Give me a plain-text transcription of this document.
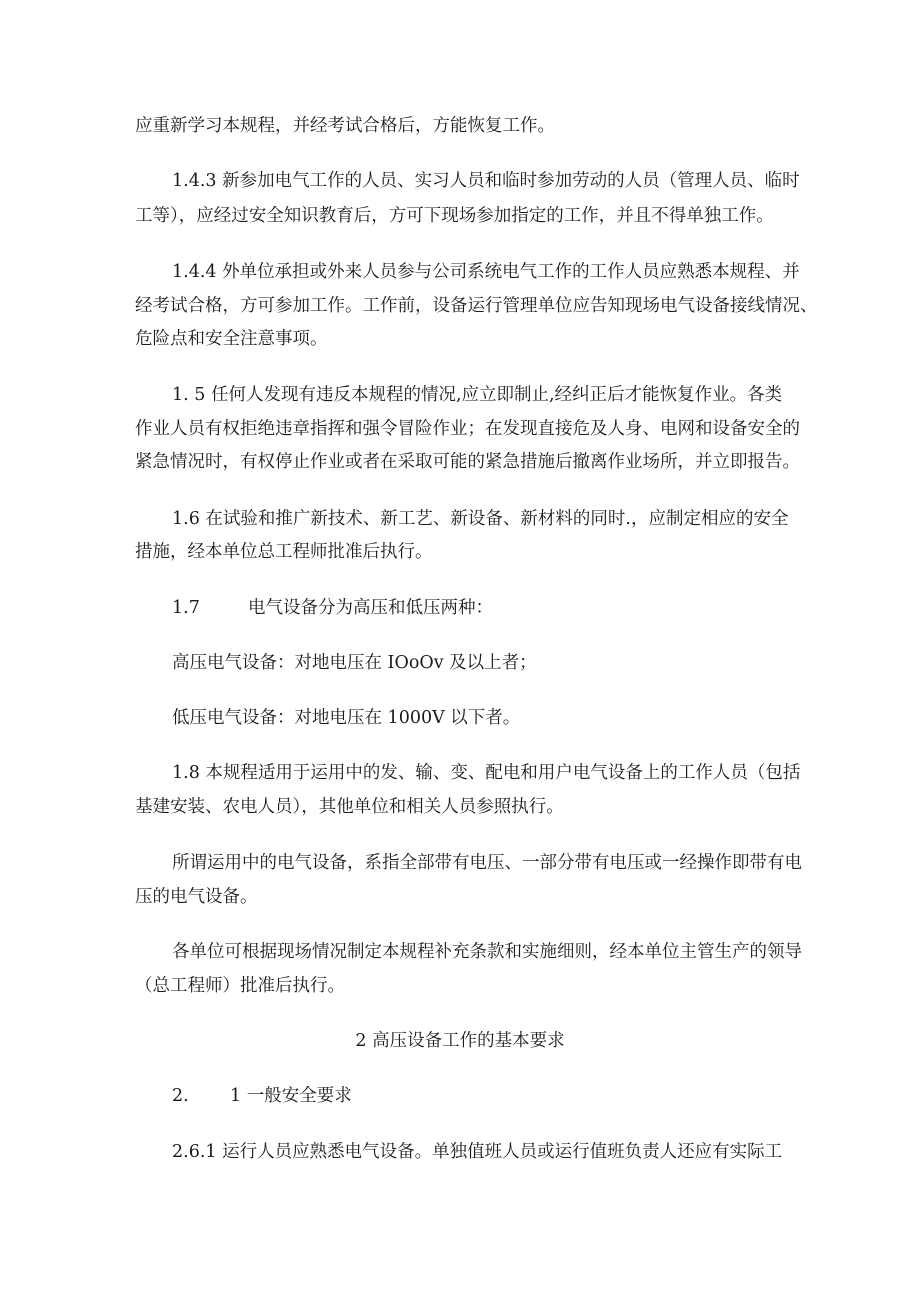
应重新学习本规程，并经考试合格后，方能恢复工作。
1.4.3 新参加电气工作的人员、实习人员和临时参加劳动的人员（管理人员、临时
工等），应经过安全知识教育后，方可下现场参加指定的工作，并且不得单独工作。
1.4.4 外单位承担或外来人员参与公司系统电气工作的工作人员应熟悉本规程、并
经考试合格，方可参加工作。工作前，设备运行管理单位应告知现场电气设备接线情况、
危险点和安全注意事项。
1. 5 任何人发现有违反本规程的情况,应立即制止,经纠正后才能恢复作业。各类
作业人员有权拒绝违章指挥和强令冒险作业；在发现直接危及人身、电网和设备安全的
紧急情况时，有权停止作业或者在采取可能的紧急措施后撤离作业场所，并立即报告。
1.6 在试验和推广新技术、新工艺、新设备、新材料的同时.，应制定相应的安全
措施，经本单位总工程师批准后执行。
1.7	电气设备分为高压和低压两种：
高压电气设备：对地电压在 IOoOv 及以上者；
低压电气设备：对地电压在 1000V 以下者。
1.8 本规程适用于运用中的发、输、变、配电和用户电气设备上的工作人员（包括
基建安装、农电人员），其他单位和相关人员参照执行。
所谓运用中的电气设备，系指全部带有电压、一部分带有电压或一经操作即带有电
压的电气设备。
各单位可根据现场情况制定本规程补充条款和实施细则，经本单位主管生产的领导
（总工程师）批准后执行。
2 高压设备工作的基本要求
2. 1 一般安全要求
2.6.1 运行人员应熟悉电气设备。单独值班人员或运行值班负责人还应有实际工
